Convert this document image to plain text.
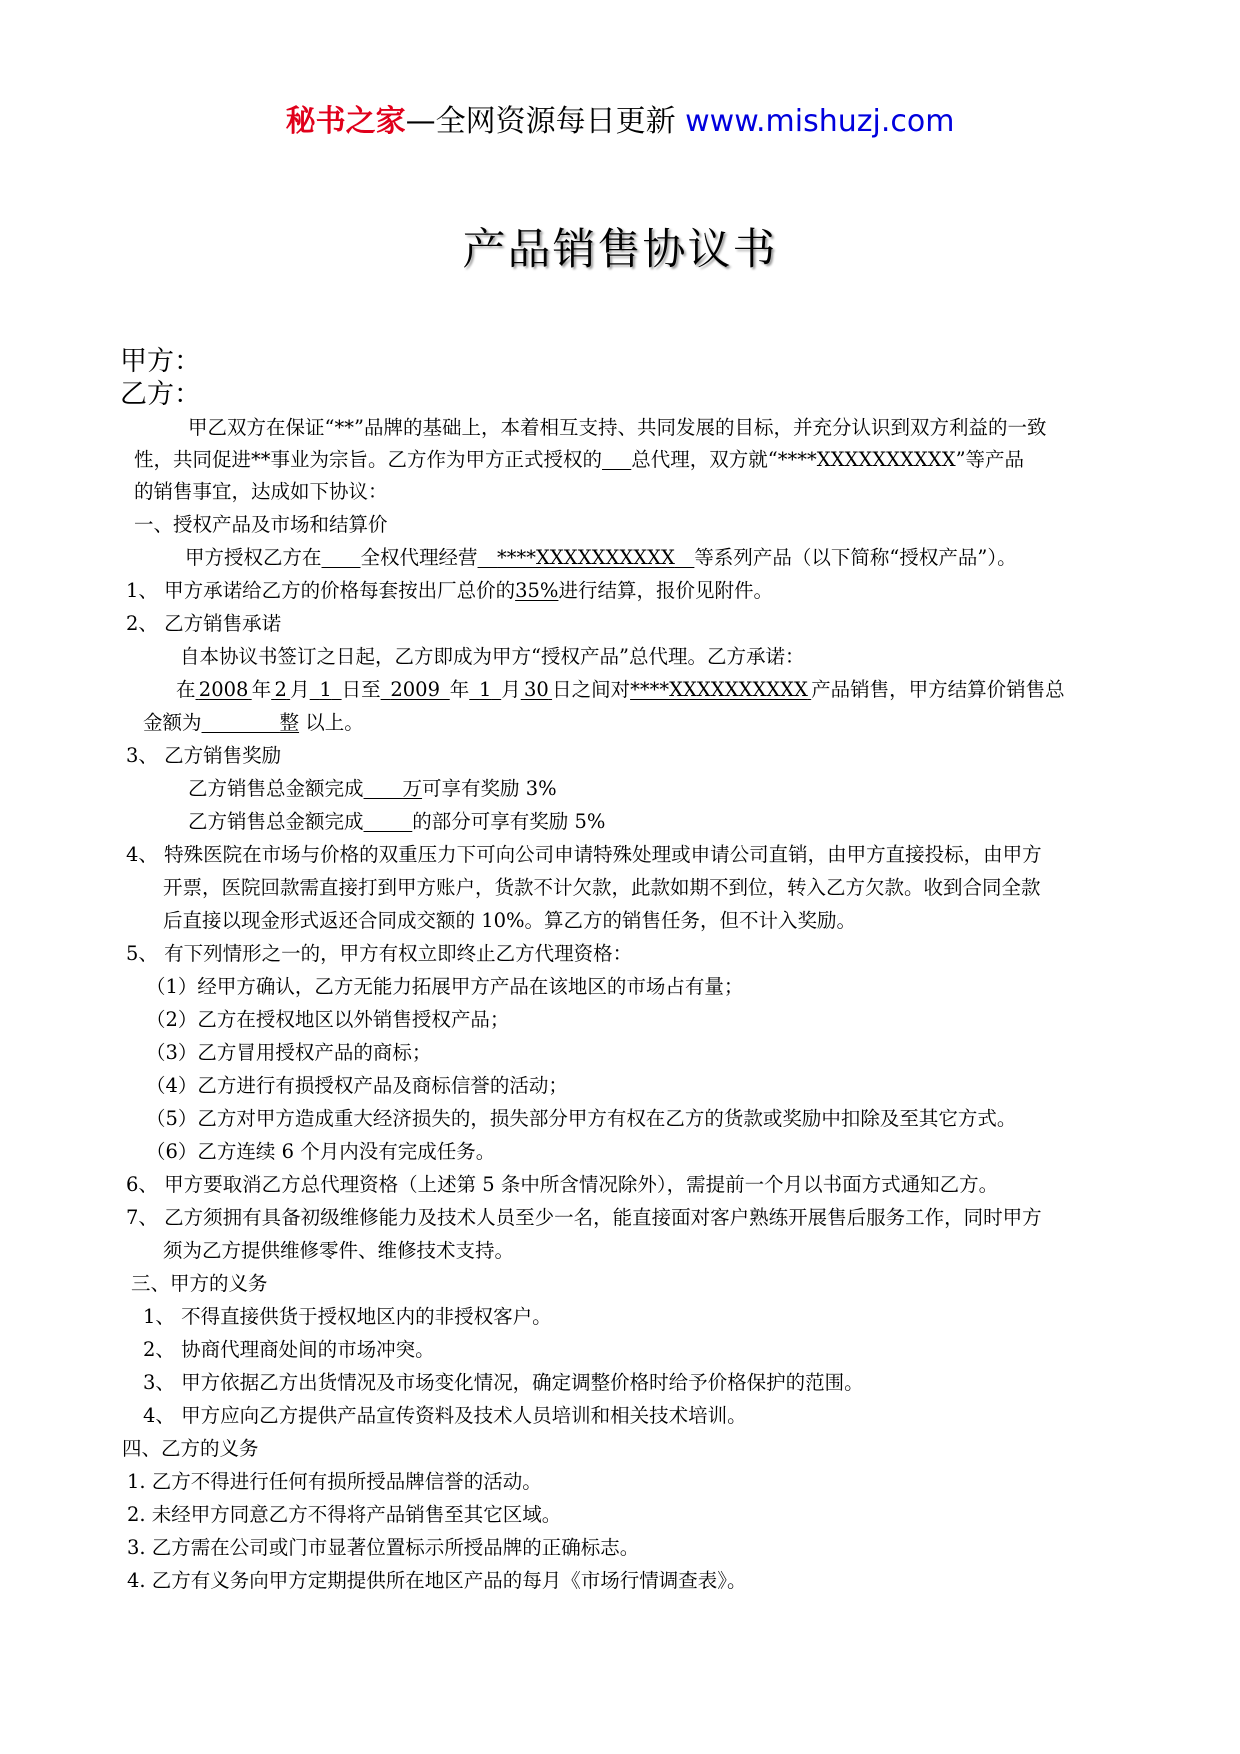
秘书之家—全网资源每日更新 www.mishuzj.com
产品销售协议书
甲方：
乙方：
甲乙双方在保证“**”品牌的基础上，本着相互支持、共同发展的目标，并充分认识到双方利益的一致
性，共同促进**事业为宗旨。乙方作为甲方正式授权的　  总代理，双方就“****XXXXXXXXXX”等产品
的销售事宜，达成如下协议：
一、授权产品及市场和结算价
甲方授权乙方在　　 全权代理经营   ****XXXXXXXXXX   等系列产品（以下简称“授权产品”）。
1、 甲方承诺给乙方的价格每套按出厂总价的35%进行结算，报价见附件。
2、 乙方销售承诺
自本协议书签订之日起，乙方即成为甲方“授权产品”总代理。乙方承诺：
在  2008  年  2  月  1  日至  2009  年  1  月  30  日之间对****XXXXXXXXXX  产品销售，甲方结算价销售总
金额为　　　　	整 以上。
3、 乙方销售奖励
乙方销售总金额完成　　 万可享有奖励 3%
乙方销售总金额完成　　 	的部分可享有奖励 5%
4、 特殊医院在市场与价格的双重压力下可向公司申请特殊处理或申请公司直销，由甲方直接投标，由甲方
开票，医院回款需直接打到甲方账户，货款不计欠款，此款如期不到位，转入乙方欠款。收到合同全款
后直接以现金形式返还合同成交额的 10%。算乙方的销售任务，但不计入奖励。
5、 有下列情形之一的，甲方有权立即终止乙方代理资格：
（1）经甲方确认，乙方无能力拓展甲方产品在该地区的市场占有量；
（2）乙方在授权地区以外销售授权产品；
（3）乙方冒用授权产品的商标；
（4）乙方进行有损授权产品及商标信誉的活动；
（5）乙方对甲方造成重大经济损失的，损失部分甲方有权在乙方的货款或奖励中扣除及至其它方式。
（6）乙方连续 6 个月内没有完成任务。
6、 甲方要取消乙方总代理资格（上述第 5 条中所含情况除外），需提前一个月以书面方式通知乙方。
7、 乙方须拥有具备初级维修能力及技术人员至少一名，能直接面对客户熟练开展售后服务工作，同时甲方
须为乙方提供维修零件、维修技术支持。
三、甲方的义务
1、 不得直接供货于授权地区内的非授权客户。
2、 协商代理商处间的市场冲突。
3、 甲方依据乙方出货情况及市场变化情况，确定调整价格时给予价格保护的范围。
4、 甲方应向乙方提供产品宣传资料及技术人员培训和相关技术培训。
四、乙方的义务
1. 乙方不得进行任何有损所授品牌信誉的活动。
2. 未经甲方同意乙方不得将产品销售至其它区域。
3. 乙方需在公司或门市显著位置标示所授品牌的正确标志。
4. 乙方有义务向甲方定期提供所在地区产品的每月《市场行情调查表》。
